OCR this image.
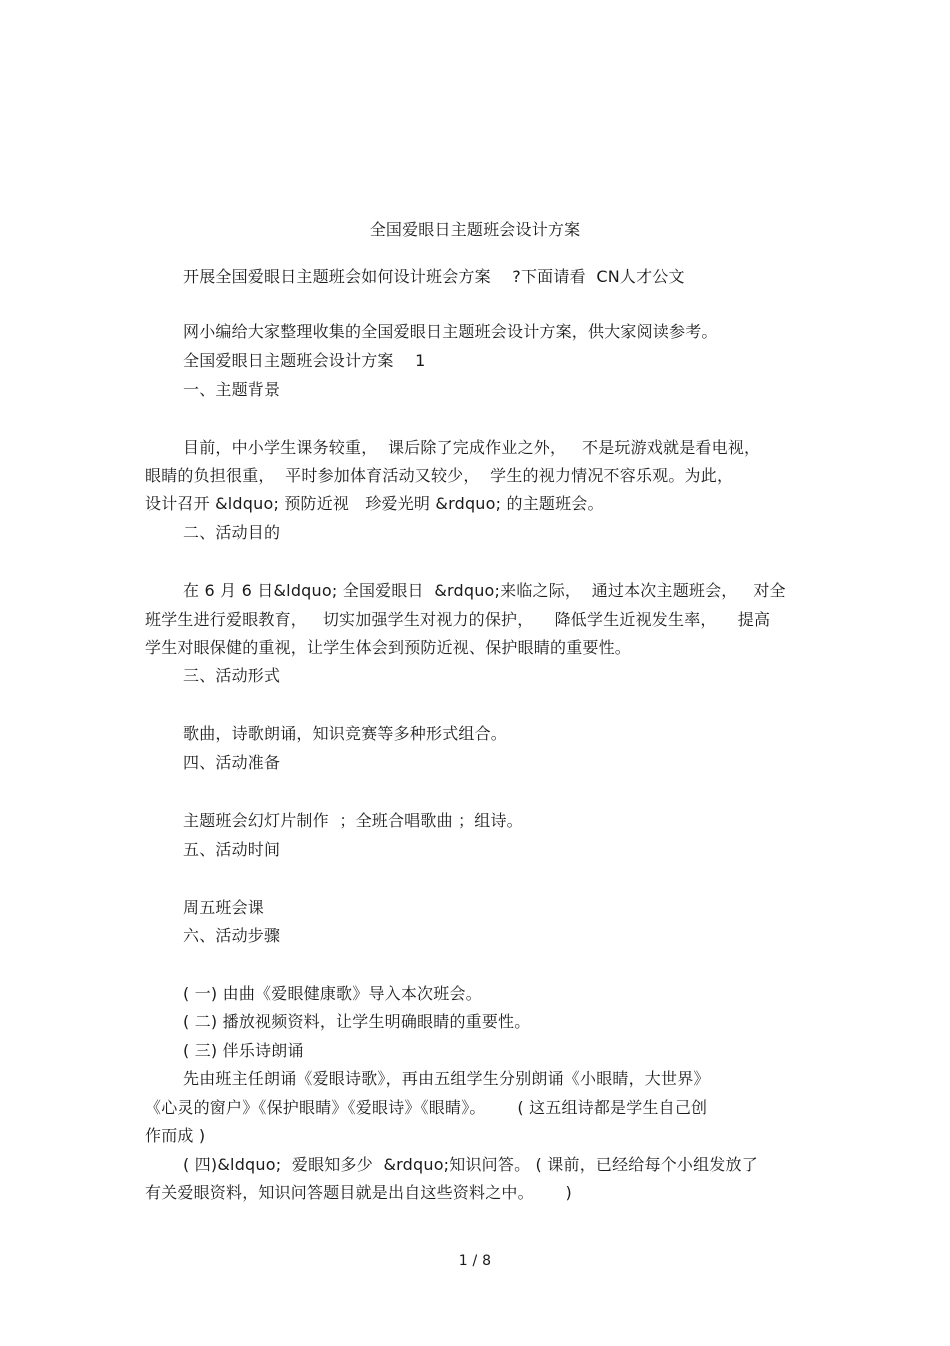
全国爱眼日主题班会设计方案

开展全国爱眼日主题班会如何设计班会方案　 ?下面请看  CN人才公文

网小编给大家整理收集的全国爱眼日主题班会设计方案，供大家阅读参考。

全国爱眼日主题班会设计方案　 1

一、主题背景

目前，中小学生课务较重，  课后除了完成作业之外，   不是玩游戏就是看电视，

眼睛的负担很重，  平时参加体育活动又较少，  学生的视力情况不容乐观。为此，

设计召开 &ldquo; 预防近视　珍爱光明 &rdquo; 的主题班会。

二、活动目的

在 6 月 6 日&ldquo; 全国爱眼日  &rdquo;来临之际，  通过本次主题班会，   对全

班学生进行爱眼教育，   切实加强学生对视力的保护，    降低学生近视发生率，    提高

学生对眼保健的重视，让学生体会到预防近视、保护眼睛的重要性。

三、活动形式

歌曲，诗歌朗诵，知识竞赛等多种形式组合。

四、活动准备

主题班会幻灯片制作  ；全班合唱歌曲 ；组诗。

五、活动时间

周五班会课

六、活动步骤

( 一) 由曲《爱眼健康歌》导入本次班会。

( 二) 播放视频资料，让学生明确眼睛的重要性。

( 三) 伴乐诗朗诵

先由班主任朗诵《爱眼诗歌》，再由五组学生分别朗诵《小眼睛，大世界》

《心灵的窗户》《保护眼睛》《爱眼诗》《眼睛》。      ( 这五组诗都是学生自己创

作而成 )

( 四)&ldquo;  爱眼知多少  &rdquo;知识问答。 ( 课前，已经给每个小组发放了

有关爱眼资料，知识问答题目就是出自这些资料之中。      )

1 / 8
